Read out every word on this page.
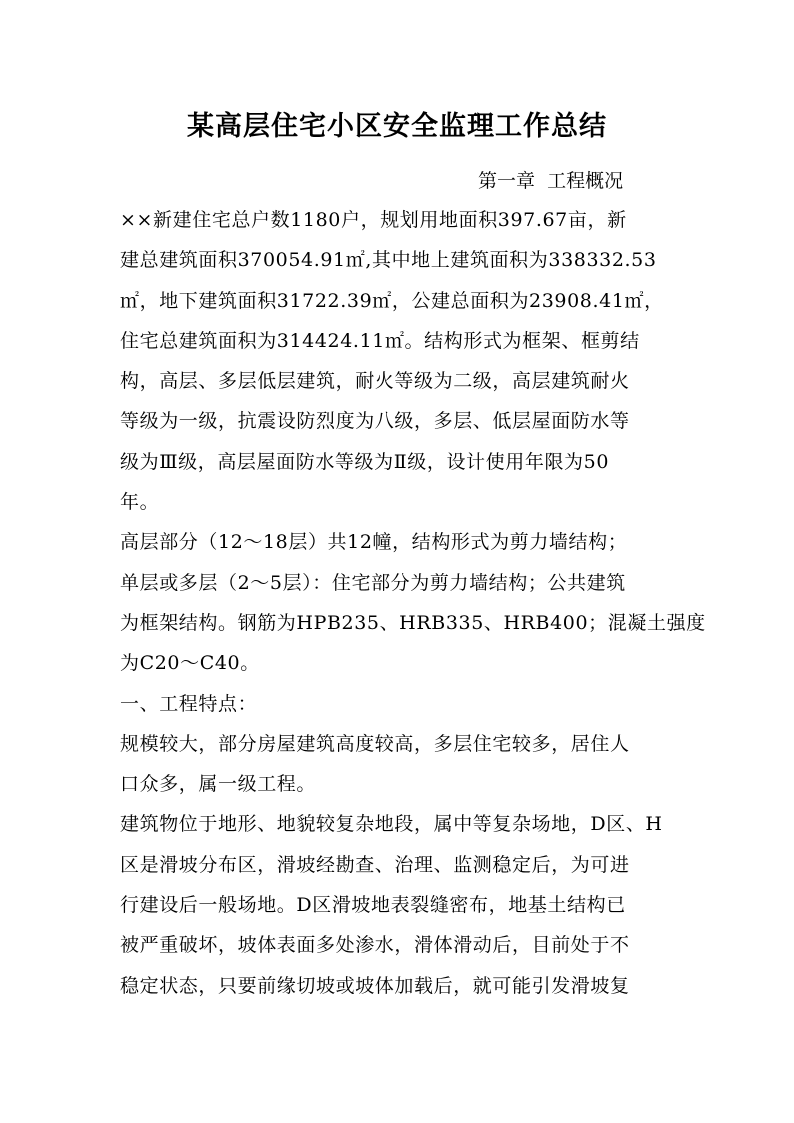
某高层住宅小区安全监理工作总结
第一章  工程概况
××新建住宅总户数1180户，规划用地面积397.67亩，新
建总建筑面积370054.91㎡,其中地上建筑面积为338332.53
㎡，地下建筑面积31722.39㎡，公建总面积为23908.41㎡，
住宅总建筑面积为314424.11㎡。结构形式为框架、框剪结
构，高层、多层低层建筑，耐火等级为二级，高层建筑耐火
等级为一级，抗震设防烈度为八级，多层、低层屋面防水等
级为Ⅲ级，高层屋面防水等级为Ⅱ级，设计使用年限为50
年。
高层部分（12～18层）共12幢，结构形式为剪力墙结构；
单层或多层（2～5层）：住宅部分为剪力墙结构；公共建筑
为框架结构。钢筋为HPB235、HRB335、HRB400；混凝土强度
为C20～C40。
一、工程特点：
规模较大，部分房屋建筑高度较高，多层住宅较多，居住人
口众多，属一级工程。
建筑物位于地形、地貌较复杂地段，属中等复杂场地，D区、H
区是滑坡分布区，滑坡经勘查、治理、监测稳定后，为可进
行建设后一般场地。D区滑坡地表裂缝密布，地基土结构已
被严重破坏，坡体表面多处渗水，滑体滑动后，目前处于不
稳定状态，只要前缘切坡或坡体加载后，就可能引发滑坡复
